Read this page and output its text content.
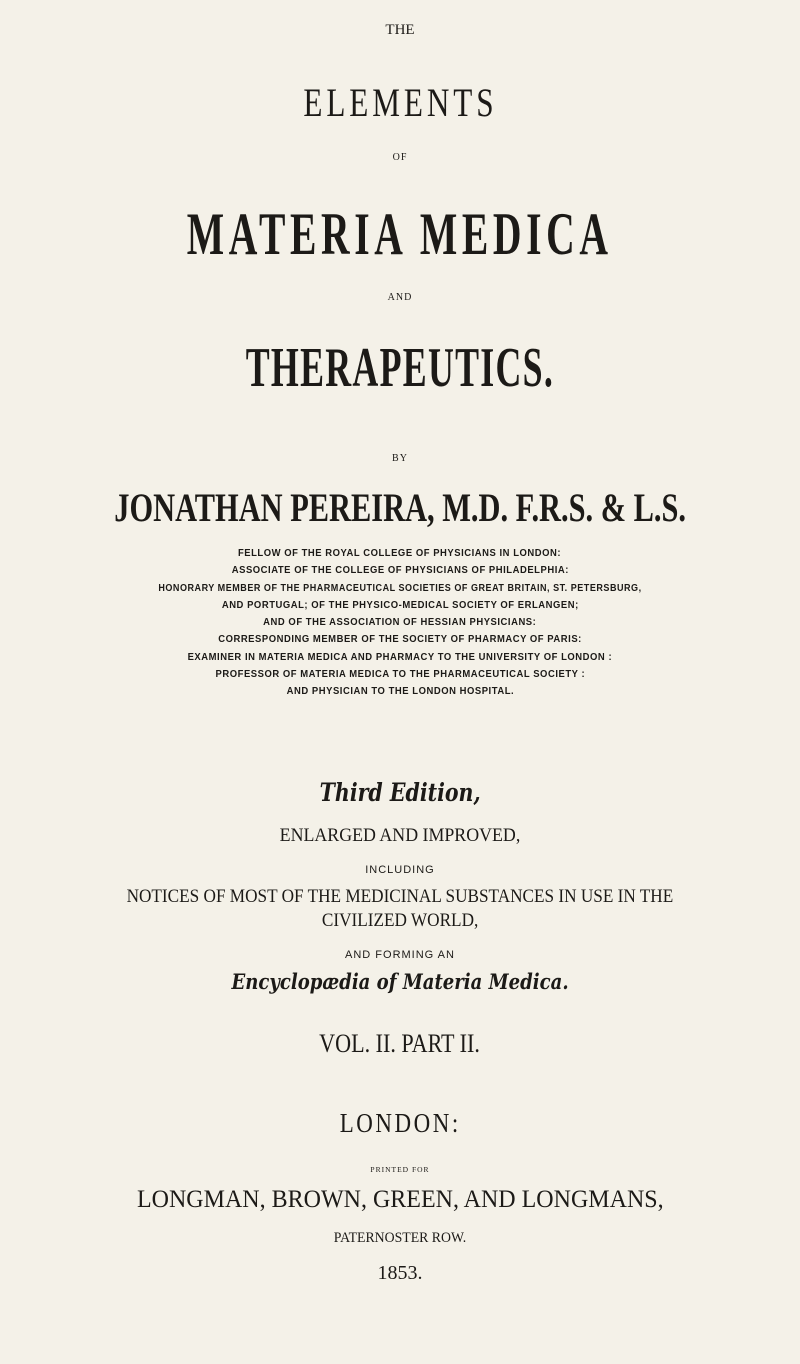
THE

ELEMENTS

OF

MATERIA MEDICA

AND

THERAPEUTICS.

BY

JONATHAN PEREIRA, M.D. F.R.S. & L.S.

FELLOW OF THE ROYAL COLLEGE OF PHYSICIANS IN LONDON:

ASSOCIATE OF THE COLLEGE OF PHYSICIANS OF PHILADELPHIA:

HONORARY MEMBER OF THE PHARMACEUTICAL SOCIETIES OF GREAT BRITAIN, ST. PETERSBURG,

AND PORTUGAL; OF THE PHYSICO-MEDICAL SOCIETY OF ERLANGEN;

AND OF THE ASSOCIATION OF HESSIAN PHYSICIANS:

CORRESPONDING MEMBER OF THE SOCIETY OF PHARMACY OF PARIS:

EXAMINER IN MATERIA MEDICA AND PHARMACY TO THE UNIVERSITY OF LONDON :

PROFESSOR OF MATERIA MEDICA TO THE PHARMACEUTICAL SOCIETY :

AND PHYSICIAN TO THE LONDON HOSPITAL.

Third Edition,

ENLARGED AND IMPROVED,

INCLUDING

NOTICES OF MOST OF THE MEDICINAL SUBSTANCES IN USE IN THE

CIVILIZED WORLD,

AND FORMING AN

Encyclopædia of Materia Medica.

VOL. II. PART II.

LONDON:

PRINTED FOR

LONGMAN, BROWN, GREEN, AND LONGMANS,

PATERNOSTER ROW.

1853.
